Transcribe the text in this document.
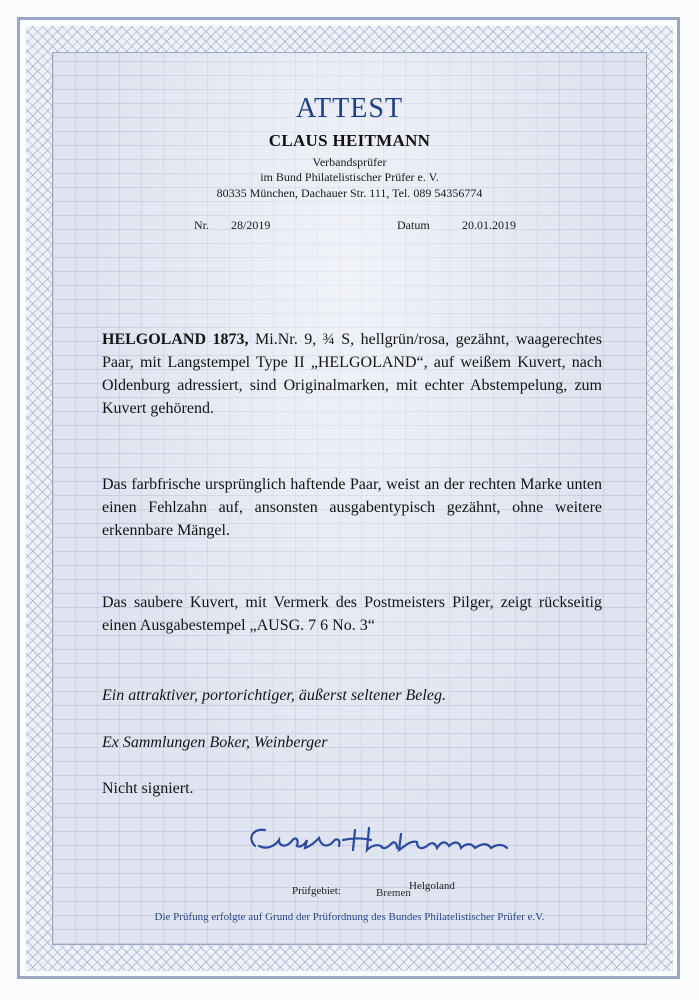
ATTEST
CLAUS HEITMANN
Verbandsprüfer
im Bund Philatelistischer Prüfer e. V.
80335 München, Dachauer Str. 111, Tel. 089 54356774
Nr. 28/2019	Datum	20.01.2019
HELGOLAND 1873, Mi.Nr. 9, ¾ S, hellgrün/rosa, gezähnt, waagerechtes Paar, mit Langstempel Type II „HELGOLAND“, auf weißem Kuvert, nach Oldenburg adressiert, sind Originalmarken, mit echter Abstempelung, zum Kuvert gehörend.
Das farbfrische ursprünglich haftende Paar, weist an der rechten Marke unten einen Fehlzahn auf, ansonsten ausgabentypisch gezähnt, ohne weitere erkennbare Mängel.
Das saubere Kuvert, mit Vermerk des Postmeisters Pilger, zeigt rückseitig einen Ausgabestempel „AUSG. 7 6 No. 3“
Ein attraktiver, portorichtiger, äußerst seltener Beleg.
Ex Sammlungen Boker, Weinberger
Nicht signiert.
Prüfgebiet:	Bremen
Helgoland
Die Prüfung erfolgte auf Grund der Prüfordnung des Bundes Philatelistischer Prüfer e.V.
